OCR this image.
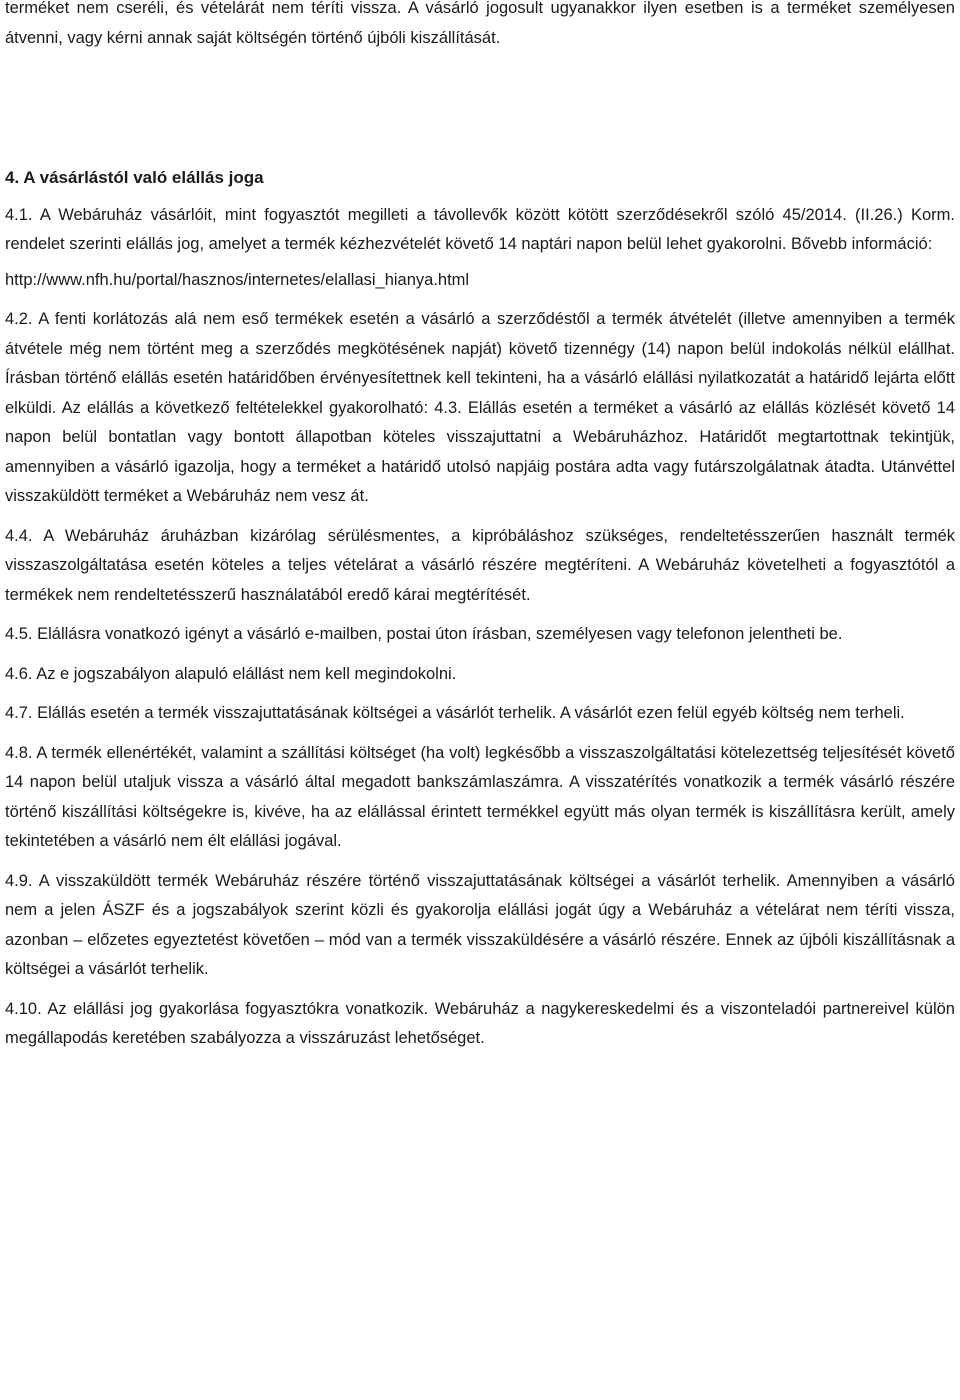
terméket nem cseréli, és vételárát nem téríti vissza. A vásárló jogosult ugyanakkor ilyen esetben is a terméket személyesen átvenni, vagy kérni annak saját költségén történő újbóli kiszállítását.

4. A vásárlástól való elállás joga

4.1. A Webáruház vásárlóit, mint fogyasztót megilleti a távollevők között kötött szerződésekről szóló 45/2014. (II.26.) Korm. rendelet szerinti elállás jog, amelyet a termék kézhezvételét követő 14 naptári napon belül lehet gyakorolni. Bővebb információ:

http://www.nfh.hu/portal/hasznos/internetes/elallasi_hianya.html

4.2. A fenti korlátozás alá nem eső termékek esetén a vásárló a szerződéstől a termék átvételét (illetve amennyiben a termék átvétele még nem történt meg a szerződés megkötésének napját) követő tizennégy (14) napon belül indokolás nélkül elállhat. Írásban történő elállás esetén határidőben érvényesítettnek kell tekinteni, ha a vásárló elállási nyilatkozatát a határidő lejárta előtt elküldi. Az elállás a következő feltételekkel gyakorolható: 4.3. Elállás esetén a terméket a vásárló az elállás közlését követő 14 napon belül bontatlan vagy bontott állapotban köteles visszajuttatni a Webáruházhoz. Határidőt megtartottnak tekintjük, amennyiben a vásárló igazolja, hogy a terméket a határidő utolsó napjáig postára adta vagy futárszolgálatnak átadta. Utánvéttel visszaküldött terméket a Webáruház nem vesz át.

4.4. A Webáruház áruházban kizárólag sérülésmentes, a kipróbáláshoz szükséges, rendeltetésszerűen használt termék visszaszolgáltatása esetén köteles a teljes vételárat a vásárló részére megtéríteni. A Webáruház követelheti a fogyasztótól a termékek nem rendeltetésszerű használatából eredő kárai megtérítését.

4.5. Elállásra vonatkozó igényt a vásárló e-mailben, postai úton írásban, személyesen vagy telefonon jelentheti be.

4.6. Az e jogszabályon alapuló elállást nem kell megindokolni.

4.7. Elállás esetén a termék visszajuttatásának költségei a vásárlót terhelik. A vásárlót ezen felül egyéb költség nem terheli.

4.8. A termék ellenértékét, valamint a szállítási költséget (ha volt) legkésőbb a visszaszolgáltatási kötelezettség teljesítését követő 14 napon belül utaljuk vissza a vásárló által megadott bankszámlaszámra. A visszatérítés vonatkozik a termék vásárló részére történő kiszállítási költségekre is, kivéve, ha az elállással érintett termékkel együtt más olyan termék is kiszállításra került, amely tekintetében a vásárló nem élt elállási jogával.

4.9. A visszaküldött termék Webáruház részére történő visszajuttatásának költségei a vásárlót terhelik. Amennyiben a vásárló nem a jelen ÁSZF és a jogszabályok szerint közli és gyakorolja elállási jogát úgy a Webáruház a vételárat nem téríti vissza, azonban – előzetes egyeztetést követően – mód van a termék visszaküldésére a vásárló részére. Ennek az újbóli kiszállításnak a költségei a vásárlót terhelik.

4.10. Az elállási jog gyakorlása fogyasztókra vonatkozik. Webáruház a nagykereskedelmi és a viszonteladói partnereivel külön megállapodás keretében szabályozza a visszáruzást lehetőséget.
